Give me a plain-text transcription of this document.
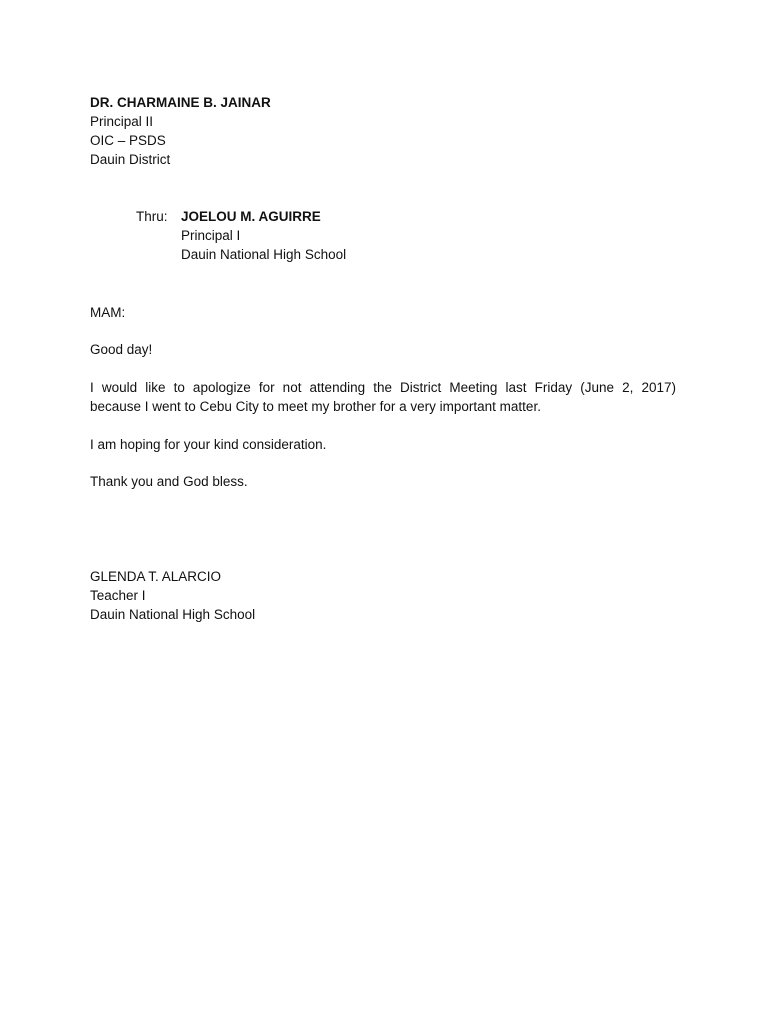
DR. CHARMAINE B. JAINAR
Principal II
OIC – PSDS
Dauin District
Thru: JOELOU M. AGUIRRE
Principal I
Dauin National High School
MAM:
Good day!
I would like to apologize for not attending the District Meeting last Friday (June 2, 2017)
because I went to Cebu City to meet my brother for a very important matter.
I am hoping for your kind consideration.
Thank you and God bless.
GLENDA T. ALARCIO
Teacher I
Dauin National High School
